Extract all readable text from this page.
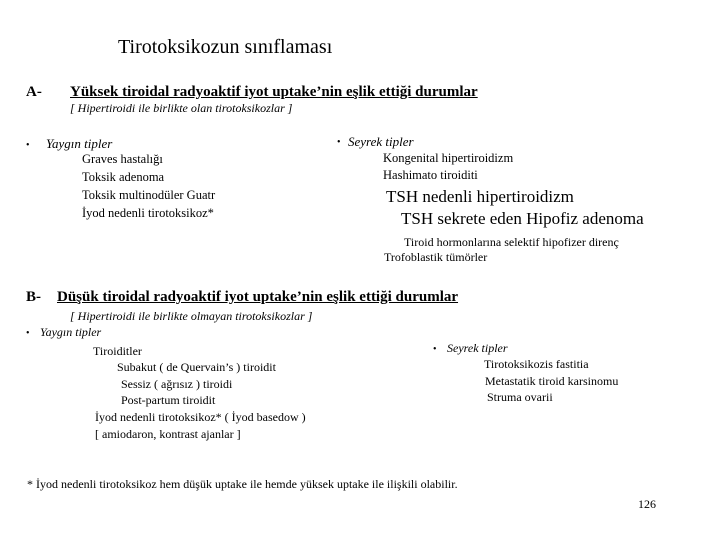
Tirotoksikozun sınıflaması
A- Yüksek tiroidal radyoaktif iyot uptake’nin eşlik ettiği durumlar
[ Hipertiroidi ile birlikte olan tirotoksikozlar ]
• Yaygın tipler
Graves hastalığı
Toksik adenoma
Toksik multinodüler Guatr
İyod nedenli tirotoksikoz*
• Seyrek tipler
Kongenital hipertiroidizm
Hashimato tiroiditi
TSH nedenli hipertiroidizm
TSH sekrete eden Hipofiz adenoma
Tiroid hormonlarına selektif hipofizer direnç
Trofoblastik tümörler
B- Düşük tiroidal radyoaktif iyot uptake’nin eşlik ettiği durumlar
[ Hipertiroidi ile birlikte olmayan tirotoksikozlar ]
• Yaygın tipler
Tiroiditler
Subakut ( de Quervain’s ) tiroidit
Sessiz ( ağrısız ) tiroidi
Post-partum tiroidit
İyod nedenli tirotoksikoz* ( İyod basedow )
[ amiodaron, kontrast ajanlar ]
• Seyrek tipler
Tirotoksikozis fastitia
Metastatik tiroid karsinomu
Struma ovarii
* İyod nedenli tirotoksikoz hem düşük uptake ile hemde yüksek uptake ile ilişkili olabilir.
126
